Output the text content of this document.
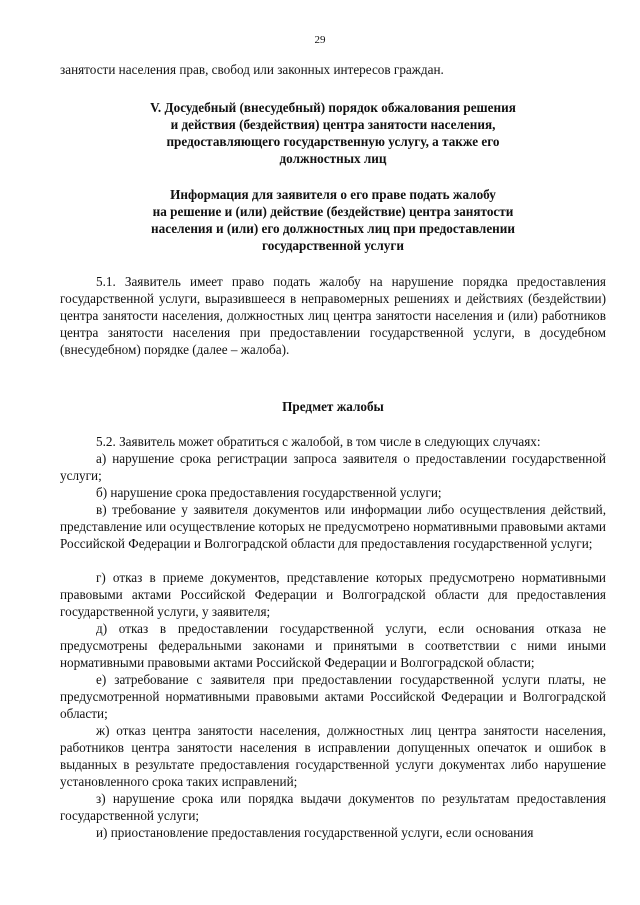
29

занятости населения прав, свобод или законных интересов граждан.

V. Досудебный (внесудебный) порядок обжалования решения
и действия (бездействия) центра занятости населения,
предоставляющего государственную услугу, а также его
должностных лиц
Информация для заявителя о его праве подать жалобу
на решение и (или) действие (бездействие) центра занятости
населения и (или) его должностных лиц при предоставлении
государственной услуги

5.1. Заявитель имеет право подать жалобу на нарушение порядка предоставления государственной услуги, выразившееся в неправомерных решениях и действиях (бездействии) центра занятости населения, должностных лиц центра занятости населения и (или) работников центра занятости населения при предоставлении государственной услуги, в досудебном (внесудебном) порядке (далее – жалоба).

Предмет жалобы

5.2. Заявитель может обратиться с жалобой, в том числе в следующих случаях:

а) нарушение срока регистрации запроса заявителя о предоставлении государственной услуги;

б) нарушение срока предоставления государственной услуги;

в) требование у заявителя документов или информации либо осуществления действий, представление или осуществление которых не предусмотрено нормативными правовыми актами Российской Федерации и Волгоградской области для предоставления государственной услуги;

г) отказ в приеме документов, представление которых предусмотрено нормативными правовыми актами Российской Федерации и Волгоградской области для предоставления государственной услуги, у заявителя;

д) отказ в предоставлении государственной услуги, если основания отказа не предусмотрены федеральными законами и принятыми в соответствии с ними иными нормативными правовыми актами Российской Федерации и Волгоградской области;

е) затребование с заявителя при предоставлении государственной услуги платы, не предусмотренной нормативными правовыми актами Российской Федерации и Волгоградской области;

ж) отказ центра занятости населения, должностных лиц центра занятости населения, работников центра занятости населения в исправлении допущенных опечаток и ошибок в выданных в результате предоставления государственной услуги документах либо нарушение установленного срока таких исправлений;

з) нарушение срока или порядка выдачи документов по результатам предоставления государственной услуги;

и) приостановление предоставления государственной услуги, если основания
